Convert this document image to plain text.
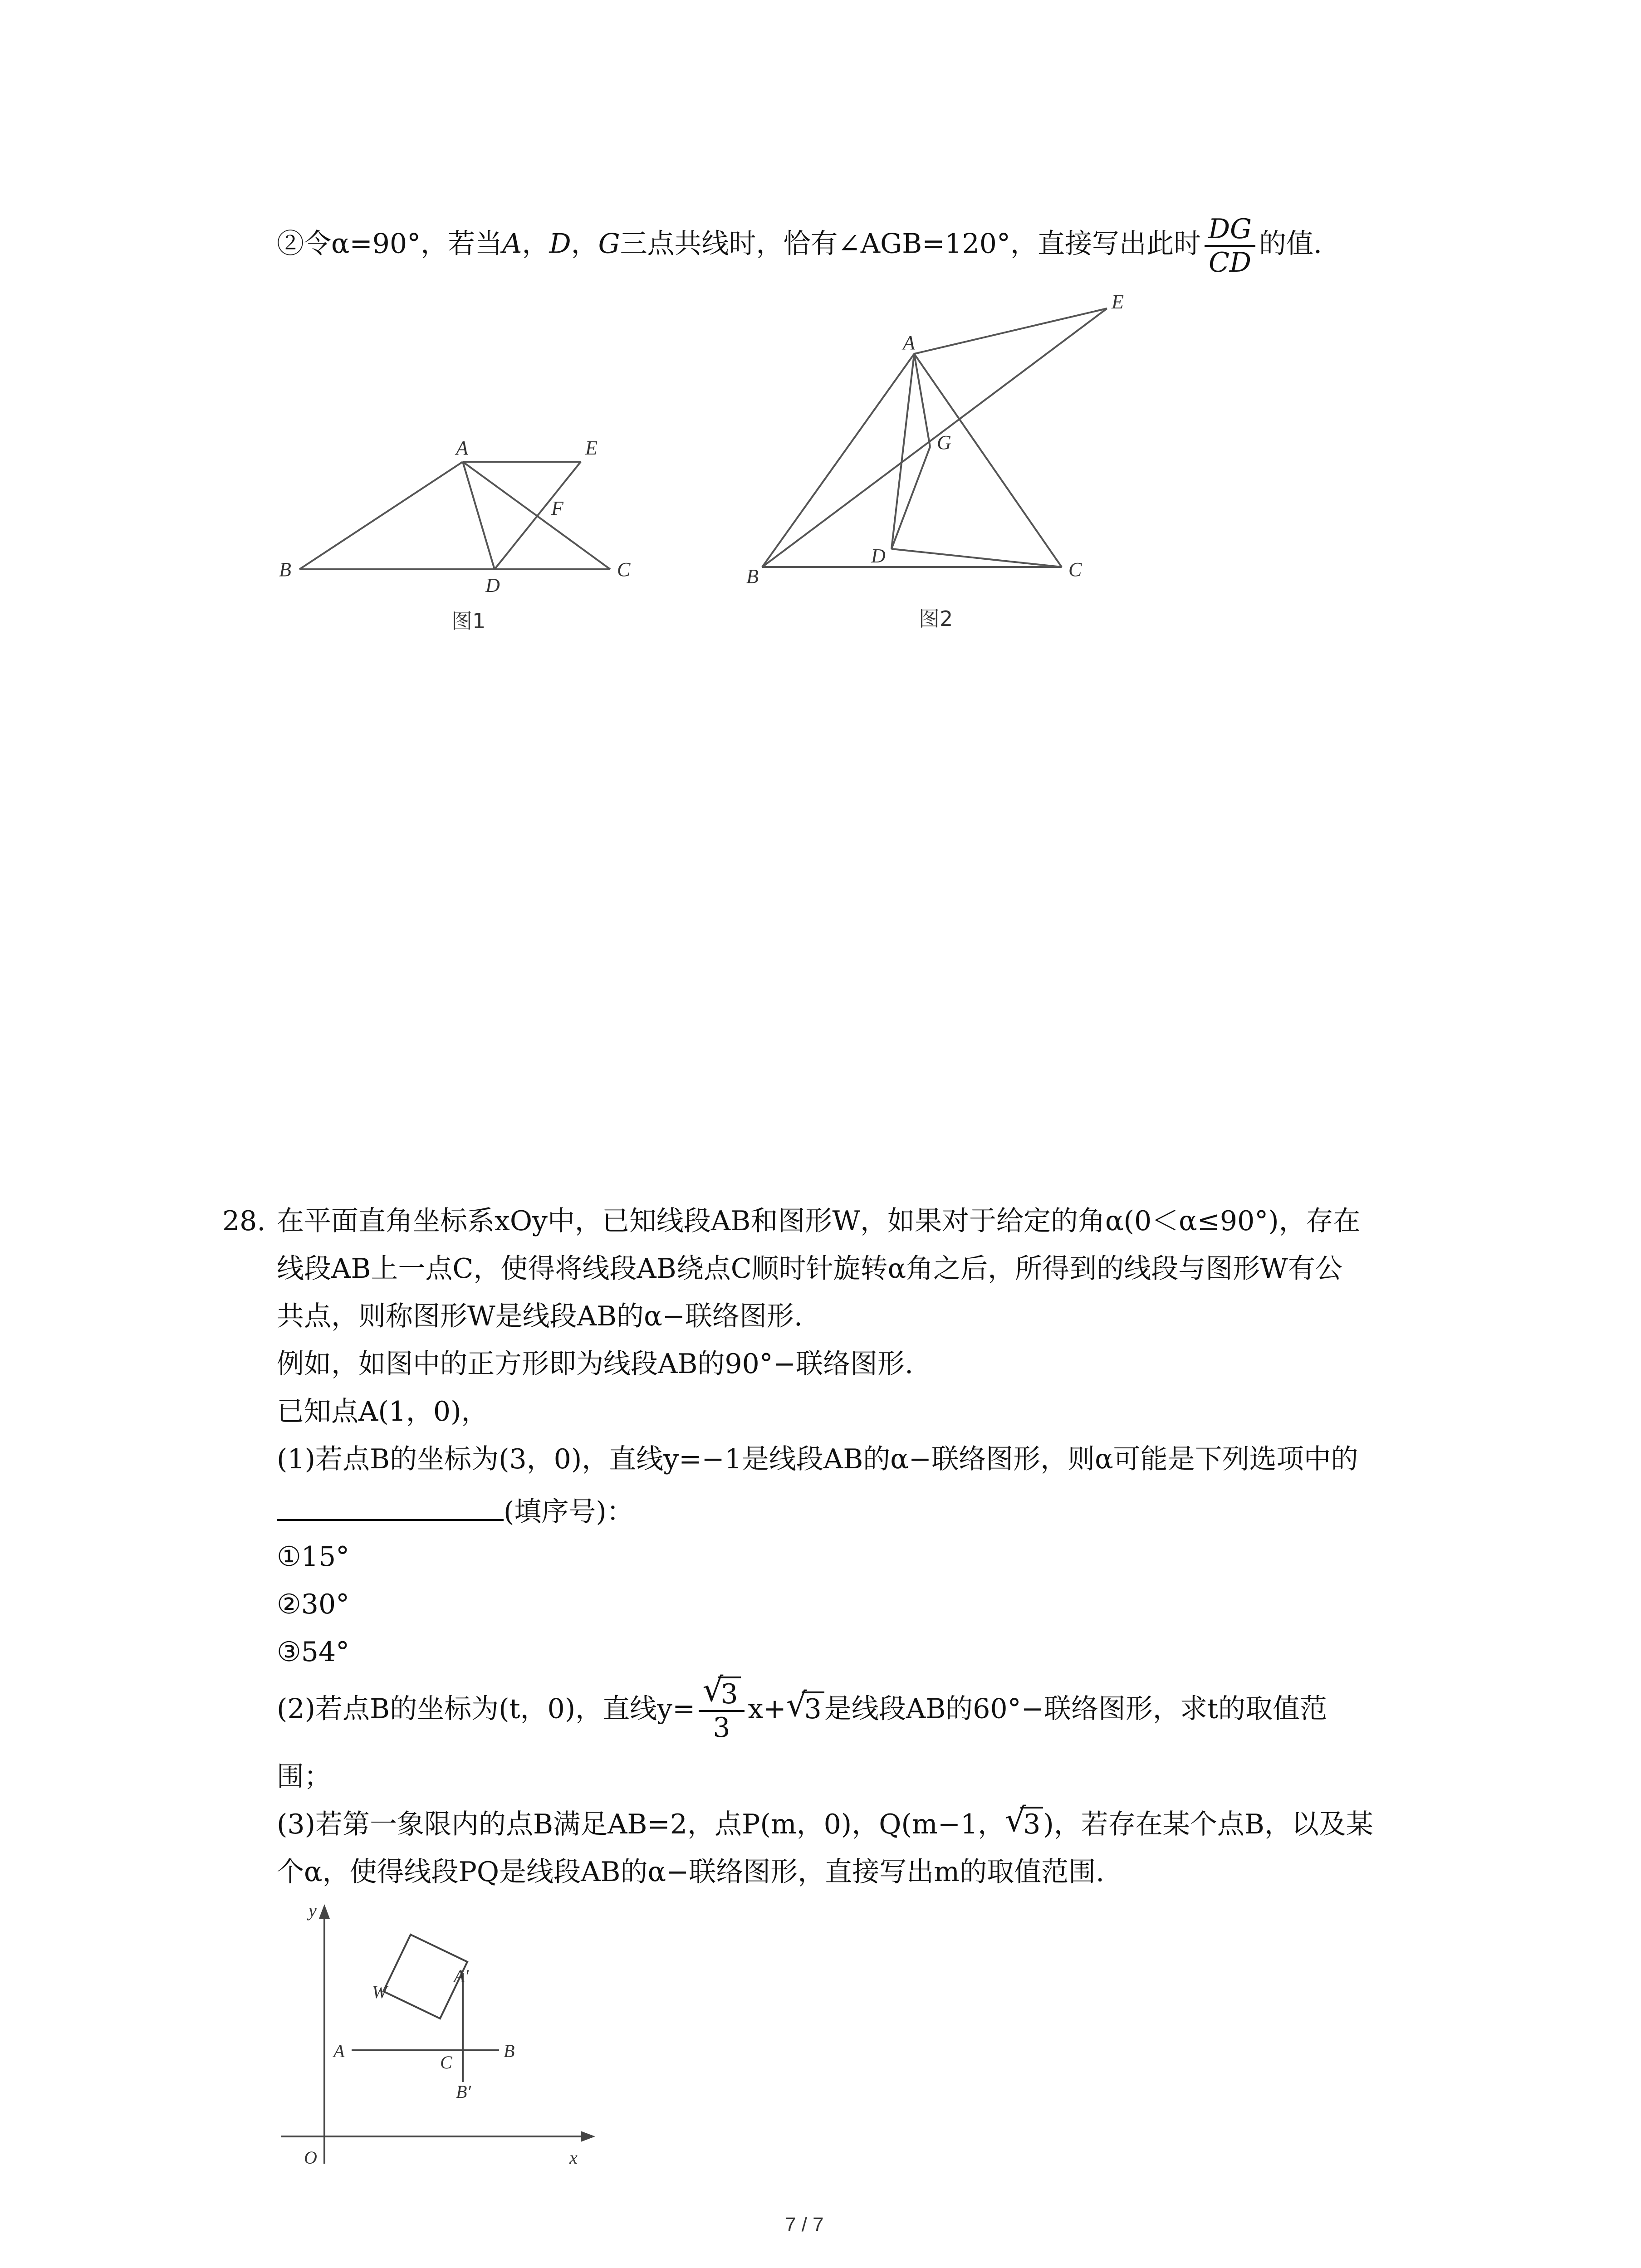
②令α=90°，若当A，D，G三点共线时，恰有∠AGB=120°，直接写出此时 $\frac{DG}{CD}$ 的值.
A	E
F
B
D
C
图1
A
E
G
B
D
C
图2
28. 在平面直角坐标系xOy中，已知线段AB和图形W，如果对于给定的角α(0＜α≤90°)，存在
线段AB上一点C，使得将线段AB绕点C顺时针旋转α角之后，所得到的线段与图形W有公
共点，则称图形W是线段AB的α−联络图形.
例如，如图中的正方形即为线段AB的90°−联络图形.
已知点A(1，0)，
(1)若点B的坐标为(3，0)，直线y=−1是线段AB的α−联络图形，则α可能是下列选项中的
(填序号)：
①15°
②30°
③54°
(2)若点B的坐标为(t，0)，直线y= √
3
3 x+ √
3 是线段AB的60°−联络图形，求t的取值范
围；
(3)若第一象限内的点B满足AB=2，点P(m，0)，Q(m−1， √
3 )，若存在某个点B，以及某
个α，使得线段PQ是线段AB的α−联络图形，直接写出m的取值范围.
y
x
O
W
A′
A
C
B
B′
7 / 7
